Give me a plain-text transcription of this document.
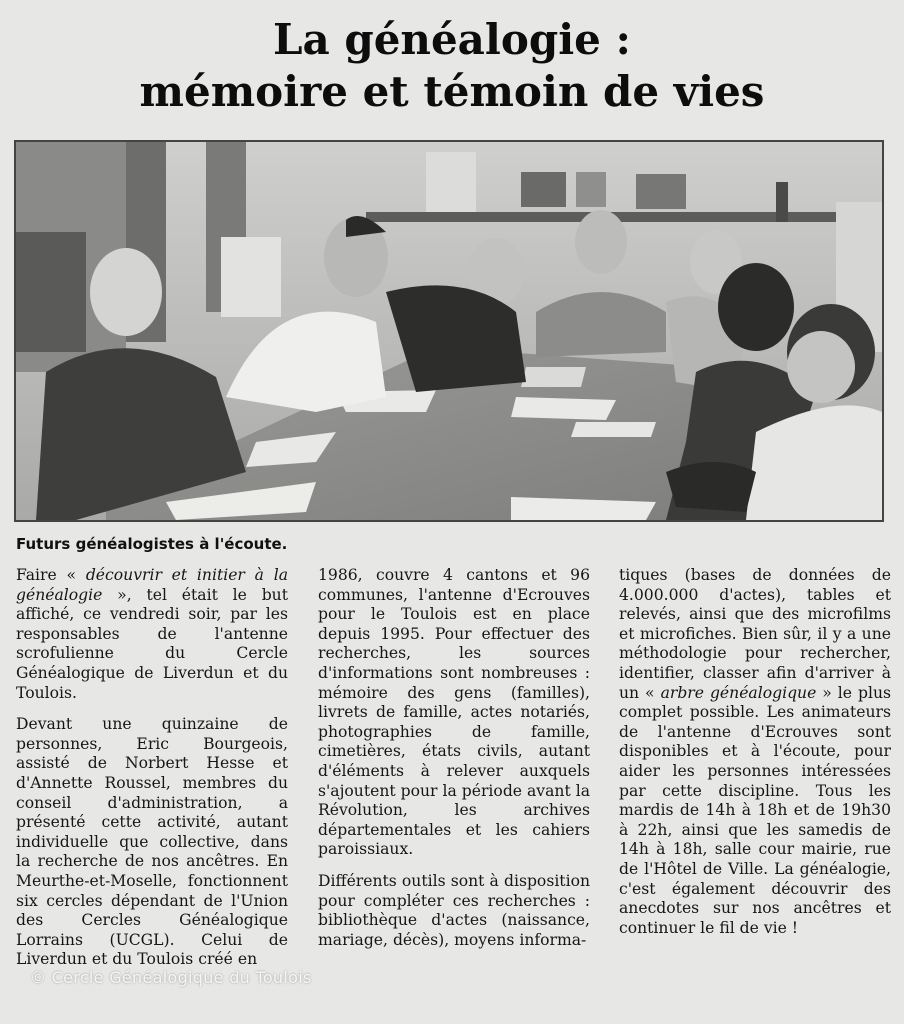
La généalogie :
mémoire et témoin de vies
Futurs généalogistes à l'écoute.

Faire « découvrir et initier à la généalogie », tel était le but affiché, ce vendredi soir, par les responsables de l'antenne scrofulienne du Cercle Généalogique de Liverdun et du Toulois.

Devant une quinzaine de personnes, Eric Bourgeois, assisté de Norbert Hesse et d'Annette Roussel, membres du conseil d'administration, a présenté cette activité, autant individuelle que collective, dans la recherche de nos ancêtres. En Meurthe-et-Moselle, fonctionnent six cercles dépendant de l'Union des Cercles Généalogique Lorrains (UCGL). Celui de Liverdun et du Toulois créé en

1986, couvre 4 cantons et 96 communes, l'antenne d'Ecrouves pour le Toulois est en place depuis 1995. Pour effectuer des recherches, les sources d'informations sont nombreuses : mémoire des gens (familles), livrets de famille, actes notariés, photographies de famille, cimetières, états civils, autant d'éléments à relever auxquels s'ajoutent pour la période avant la Révolution, les archives départementales et les cahiers paroissiaux.

Différents outils sont à disposition pour compléter ces recherches : bibliothèque d'actes (naissance, mariage, décès), moyens informa-

tiques (bases de données de 4.000.000 d'actes), tables et relevés, ainsi que des microfilms et microfiches. Bien sûr, il y a une méthodologie pour rechercher, identifier, classer afin d'arriver à un « arbre généalogique » le plus complet possible. Les animateurs de l'antenne d'Ecrouves sont disponibles et à l'écoute, pour aider les personnes intéressées par cette discipline. Tous les mardis de 14h à 18h et de 19h30 à 22h, ainsi que les samedis de 14h à 18h, salle cour mairie, rue de l'Hôtel de Ville. La généalogie, c'est également découvrir des anecdotes sur nos ancêtres et continuer le fil de vie !

© Cercle Généalogique du Toulois
